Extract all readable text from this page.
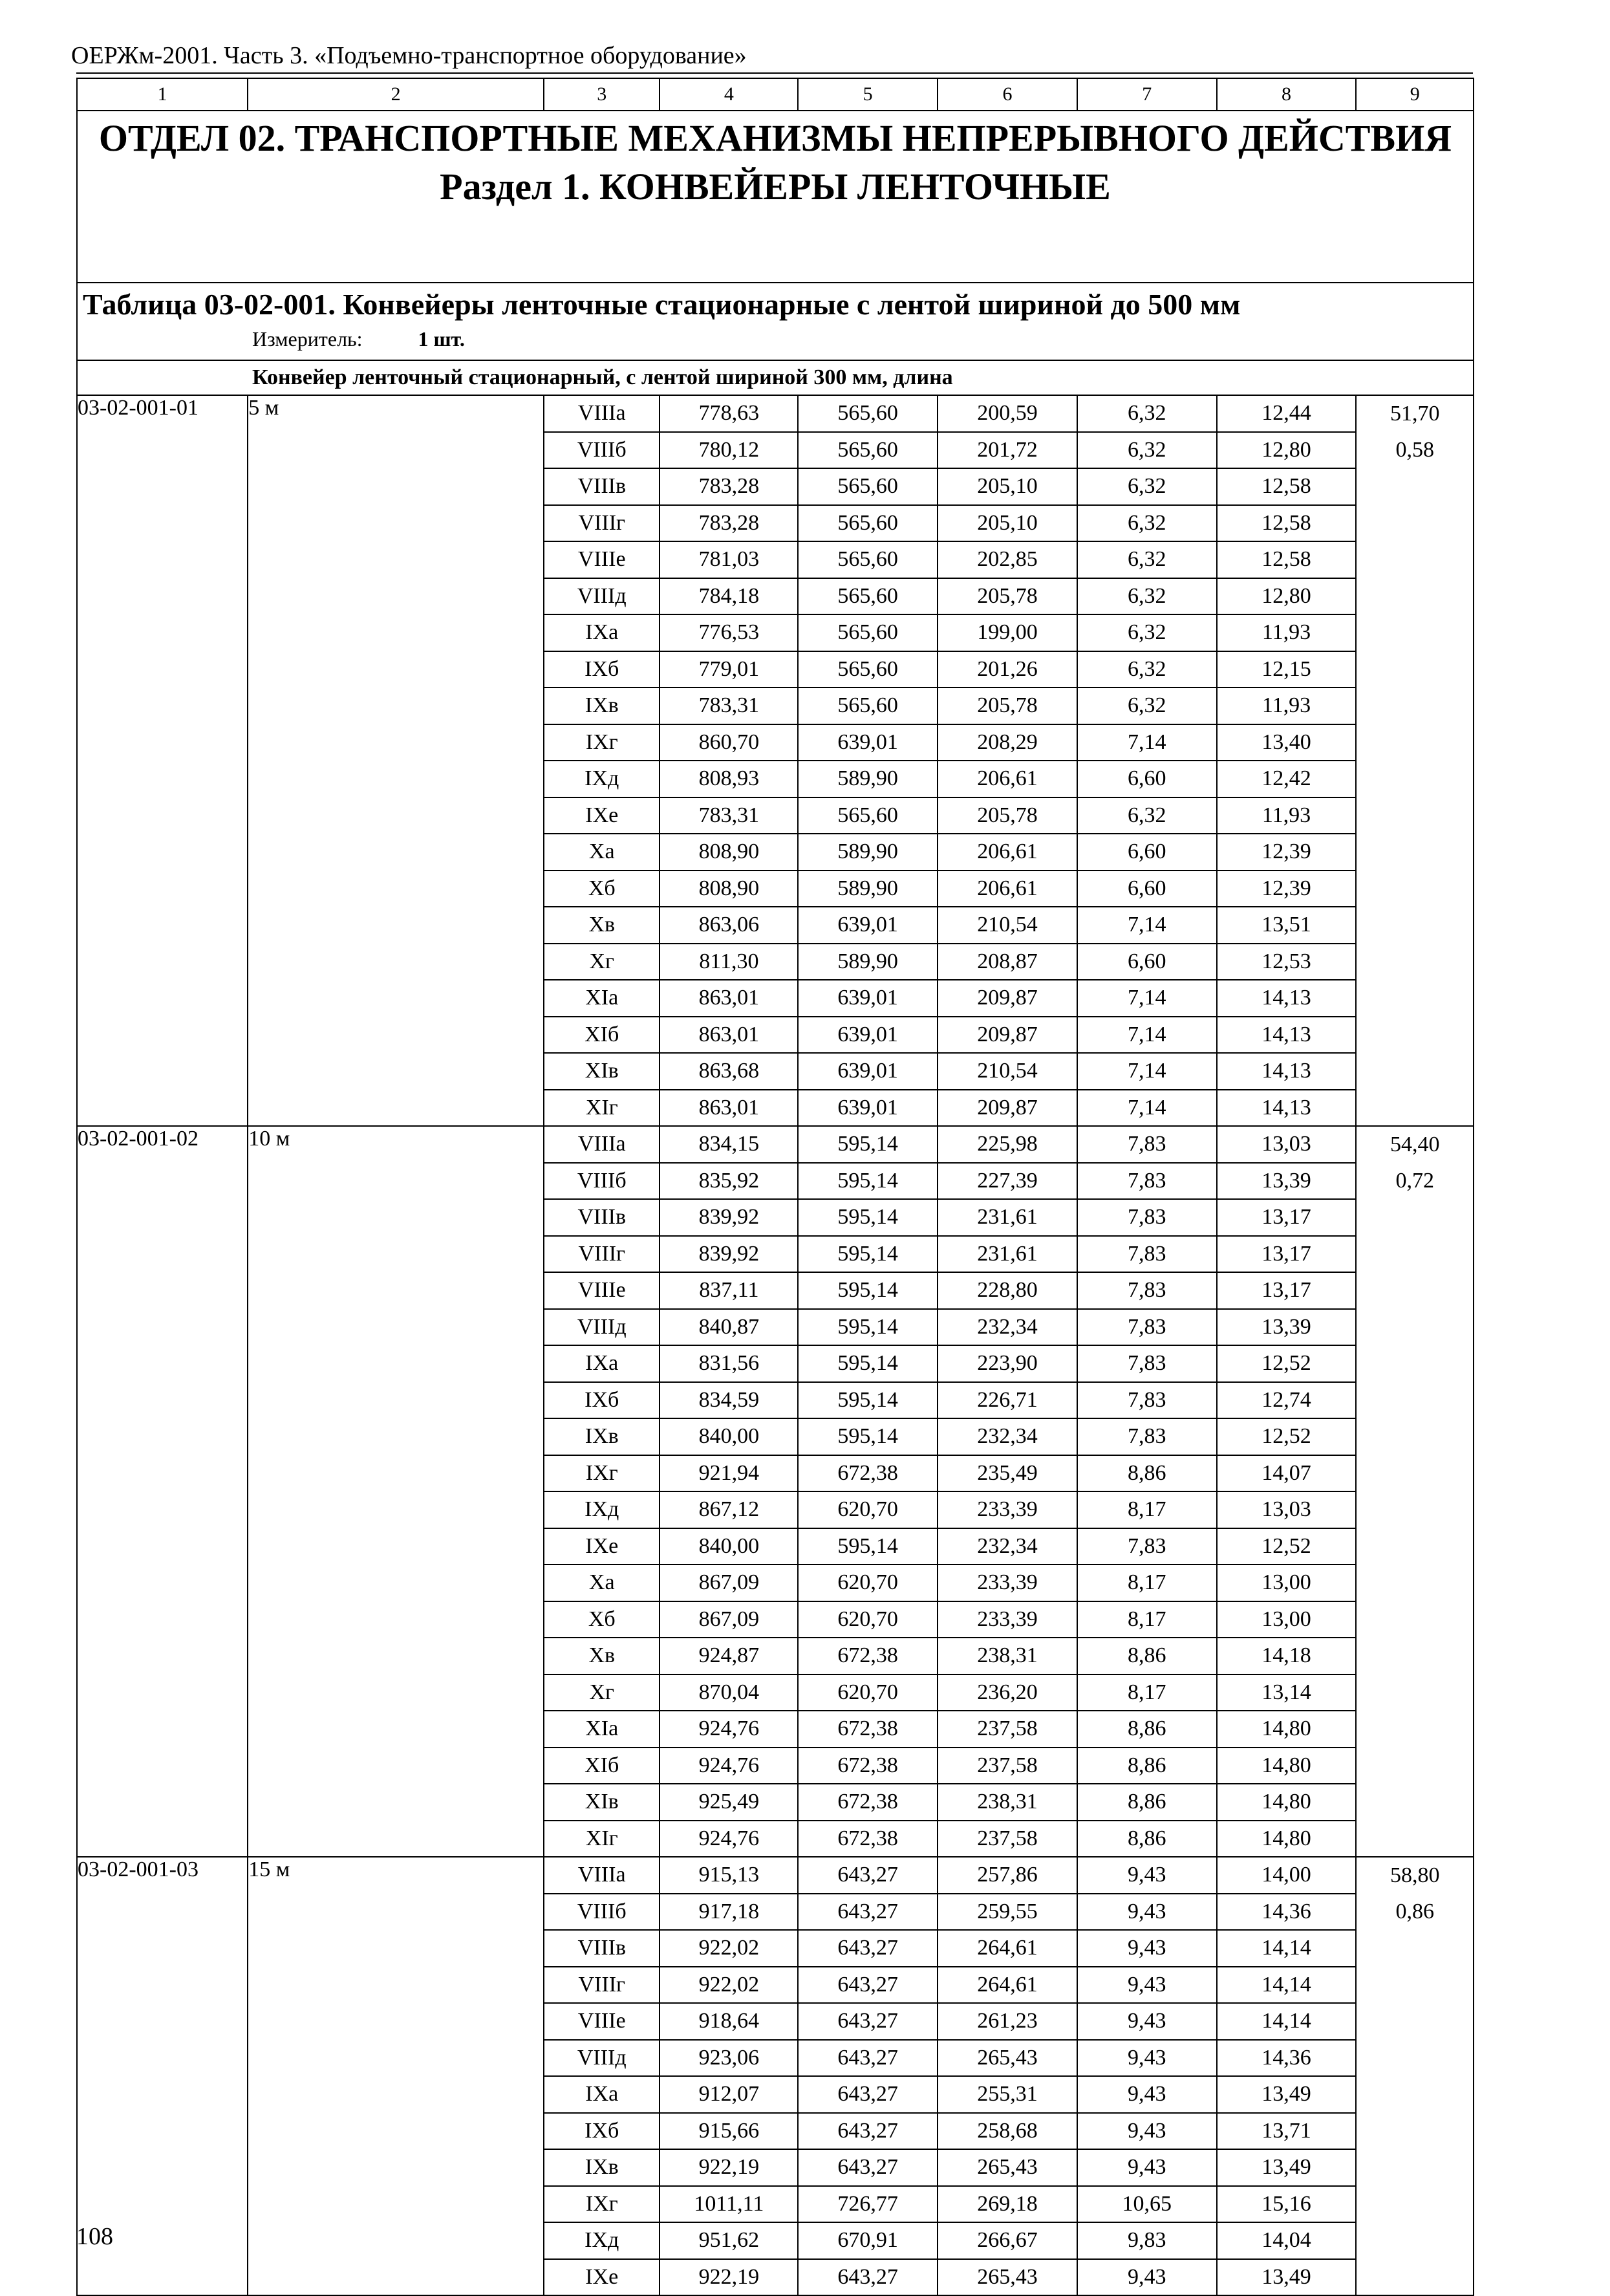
ОЕРЖм-2001. Часть 3. «Подъемно-транспортное оборудование»
1	2	3	4	5	6	7	8	9

ОТДЕЛ 02. ТРАНСПОРТНЫЕ МЕХАНИЗМЫ НЕПРЕРЫВНОГО ДЕЙСТВИЯ
Раздел 1. КОНВЕЙЕРЫ ЛЕНТОЧНЫЕ								

Таблица 03-02-001. Конвейеры ленточные стационарные с лентой шириной до 500 мм
Измеритель: 1 шт.								

Конвейер ленточный стационарный, с лентой шириной 300 мм, длина								

03-02-001-01	5 м	VIIIа	778,63	565,60	200,59	6,32	12,44	51,70
		VIIIб	780,12	565,60	201,72	6,32	12,80	0,58
		VIIIв	783,28	565,60	205,10	6,32	12,58	
		VIIIг	783,28	565,60	205,10	6,32	12,58	
		VIIIе	781,03	565,60	202,85	6,32	12,58	
		VIIIд	784,18	565,60	205,78	6,32	12,80	
		IXа	776,53	565,60	199,00	6,32	11,93	
		IXб	779,01	565,60	201,26	6,32	12,15	
		IXв	783,31	565,60	205,78	6,32	11,93	
		IXг	860,70	639,01	208,29	7,14	13,40	
		IXд	808,93	589,90	206,61	6,60	12,42	
		IXе	783,31	565,60	205,78	6,32	11,93	
		Xа	808,90	589,90	206,61	6,60	12,39	
		Xб	808,90	589,90	206,61	6,60	12,39	
		Xв	863,06	639,01	210,54	7,14	13,51	
		Xг	811,30	589,90	208,87	6,60	12,53	
		XIа	863,01	639,01	209,87	7,14	14,13	
		XIб	863,01	639,01	209,87	7,14	14,13	
		XIв	863,68	639,01	210,54	7,14	14,13	
		XIг	863,01	639,01	209,87	7,14	14,13	
03-02-001-02	10 м	VIIIа	834,15	595,14	225,98	7,83	13,03	54,40
		VIIIб	835,92	595,14	227,39	7,83	13,39	0,72
		VIIIв	839,92	595,14	231,61	7,83	13,17	
		VIIIг	839,92	595,14	231,61	7,83	13,17	
		VIIIе	837,11	595,14	228,80	7,83	13,17	
		VIIIд	840,87	595,14	232,34	7,83	13,39	
		IXа	831,56	595,14	223,90	7,83	12,52	
		IXб	834,59	595,14	226,71	7,83	12,74	
		IXв	840,00	595,14	232,34	7,83	12,52	
		IXг	921,94	672,38	235,49	8,86	14,07	
		IXд	867,12	620,70	233,39	8,17	13,03	
		IXе	840,00	595,14	232,34	7,83	12,52	
		Xа	867,09	620,70	233,39	8,17	13,00	
		Xб	867,09	620,70	233,39	8,17	13,00	
		Xв	924,87	672,38	238,31	8,86	14,18	
		Xг	870,04	620,70	236,20	8,17	13,14	
		XIа	924,76	672,38	237,58	8,86	14,80	
		XIб	924,76	672,38	237,58	8,86	14,80	
		XIв	925,49	672,38	238,31	8,86	14,80	
		XIг	924,76	672,38	237,58	8,86	14,80	
03-02-001-03	15 м	VIIIа	915,13	643,27	257,86	9,43	14,00	58,80
		VIIIб	917,18	643,27	259,55	9,43	14,36	0,86
		VIIIв	922,02	643,27	264,61	9,43	14,14	
		VIIIг	922,02	643,27	264,61	9,43	14,14	
		VIIIе	918,64	643,27	261,23	9,43	14,14	
		VIIIд	923,06	643,27	265,43	9,43	14,36	
		IXа	912,07	643,27	255,31	9,43	13,49	
		IXб	915,66	643,27	258,68	9,43	13,71	
		IXв	922,19	643,27	265,43	9,43	13,49	
		IXг	1011,11	726,77	269,18	10,65	15,16	
		IXд	951,62	670,91	266,67	9,83	14,04	
		IXе	922,19	643,27	265,43	9,43	13,49	
108
